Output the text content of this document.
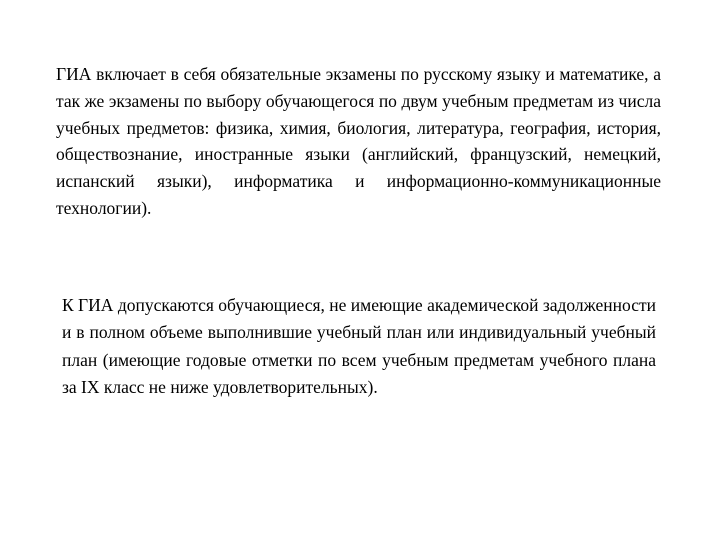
ГИА включает в себя обязательные экзамены по русскому языку и математике, а так же экзамены по выбору обучающегося по двум учебным предметам из числа учебных предметов: физика, химия, биология, литература, география, история, обществознание, иностранные языки (английский, французский, немецкий, испанский языки), информатика и информационно-коммуникационные технологии).

К ГИА допускаются обучающиеся, не имеющие академической задолженности и в полном объеме выполнившие учебный план или индивидуальный учебный план (имеющие годовые отметки по всем учебным предметам учебного плана за IX класс не ниже удовлетворительных).
